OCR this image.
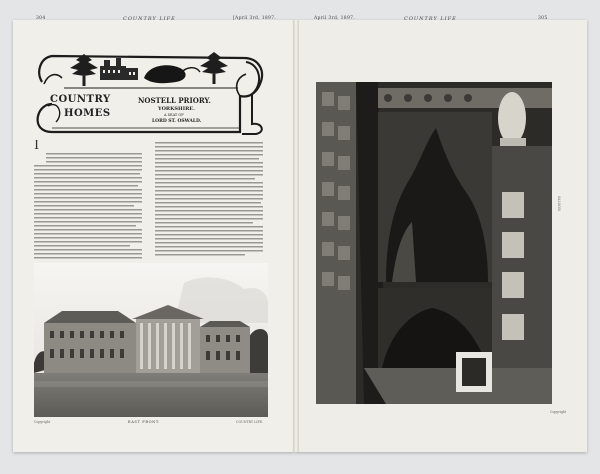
304	COUNTRY LIFE	[April 3rd, 1897.
COUNTRY
HOMES
NOSTELL PRIORY.
YORKSHIRE.
A SEAT OF
LORD ST. OSWALD.
I
Copyright	EAST FRONT.	COUNTRY LIFE.
April 3rd, 1897.	COUNTRY LIFE	305
SALOON.
Copyright
